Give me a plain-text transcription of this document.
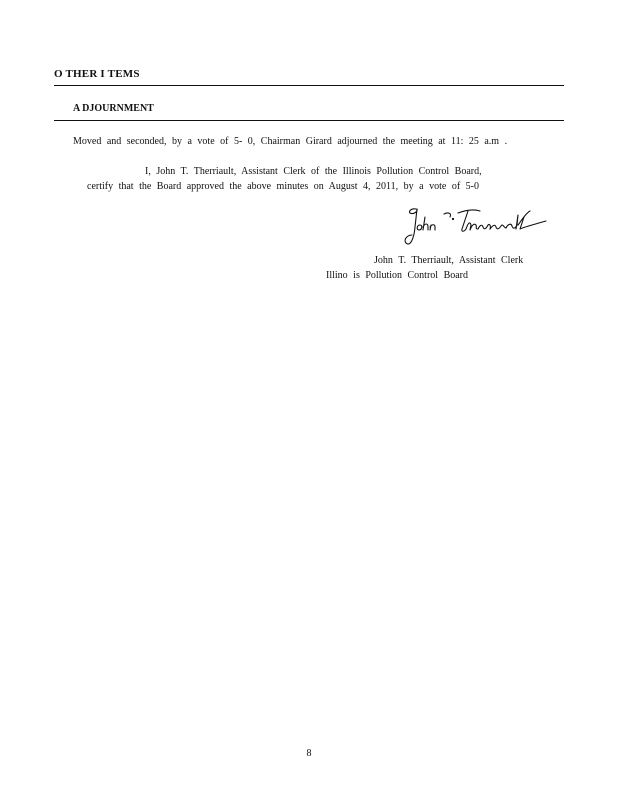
O THER I TEMS
A DJOURNMENT
Moved and seconded, by a vote of 5- 0, Chairman Girard adjourned the meeting at 11: 25 a.m .
I, John T. Therriault, Assistant Clerk of the Illinois Pollution Control Board,
certify that the Board approved the above minutes on August 4, 2011, by a vote of 5-0
John T. Therriault, Assistant Clerk
Illino is Pollution Control Board
8
